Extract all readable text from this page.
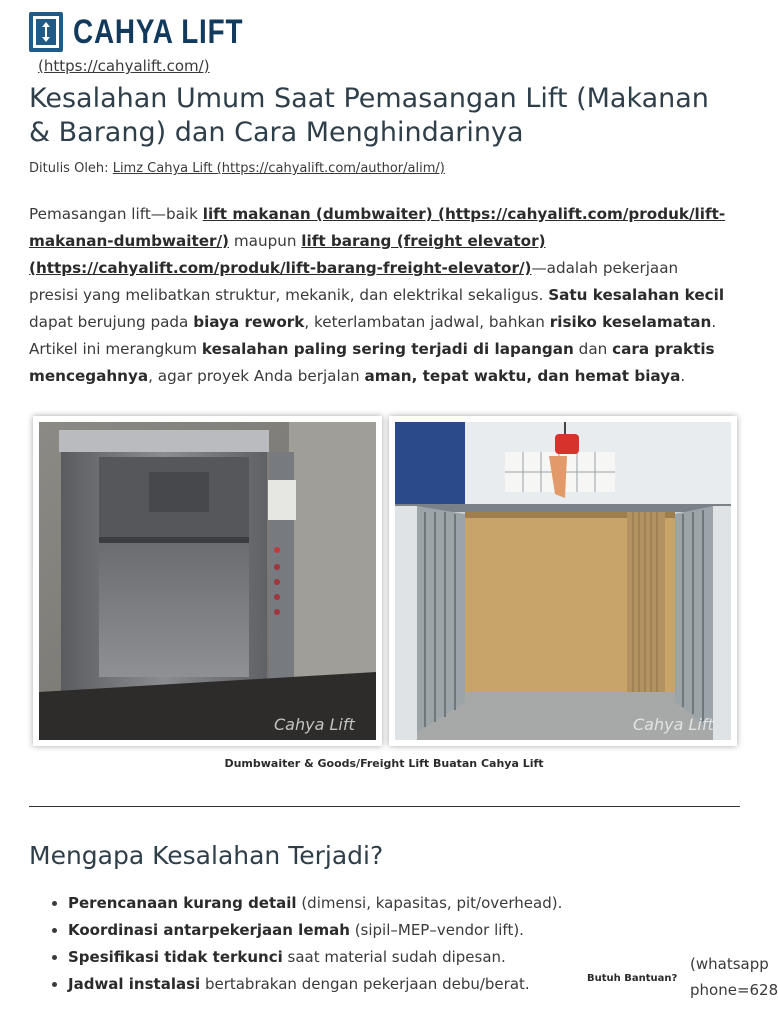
CAHYA LIFT
(https://cahyalift.com/)
Kesalahan Umum Saat Pemasangan Lift (Makanan & Barang) dan Cara Menghindarinya
Ditulis Oleh: Limz Cahya Lift (https://cahyalift.com/author/alim/)

Pemasangan lift—baik lift makanan (dumbwaiter) (https://cahyalift.com/produk/lift-makanan-dumbwaiter/) maupun lift barang (freight elevator) (https://cahyalift.com/produk/lift-barang-freight-elevator/)—adalah pekerjaan presisi yang melibatkan struktur, mekanik, dan elektrikal sekaligus. Satu kesalahan kecil dapat berujung pada biaya rework, keterlambatan jadwal, bahkan risiko keselamatan.

Artikel ini merangkum kesalahan paling sering terjadi di lapangan dan cara praktis mencegahnya, agar proyek Anda berjalan aman, tepat waktu, dan hemat biaya.

Cahya Lift	Cahya Lift
Dumbwaiter & Goods/Freight Lift Buatan Cahya Lift
Mengapa Kesalahan Terjadi?
• Perencanaan kurang detail (dimensi, kapasitas, pit/overhead).
• Koordinasi antarpekerjaan lemah (sipil–MEP–vendor lift).
• Spesifikasi tidak terkunci saat material sudah dipesan.
• Jadwal instalasi bertabrakan dengan pekerjaan debu/berat.	Butuh Bantuan?
(whatsapp
phone=628
